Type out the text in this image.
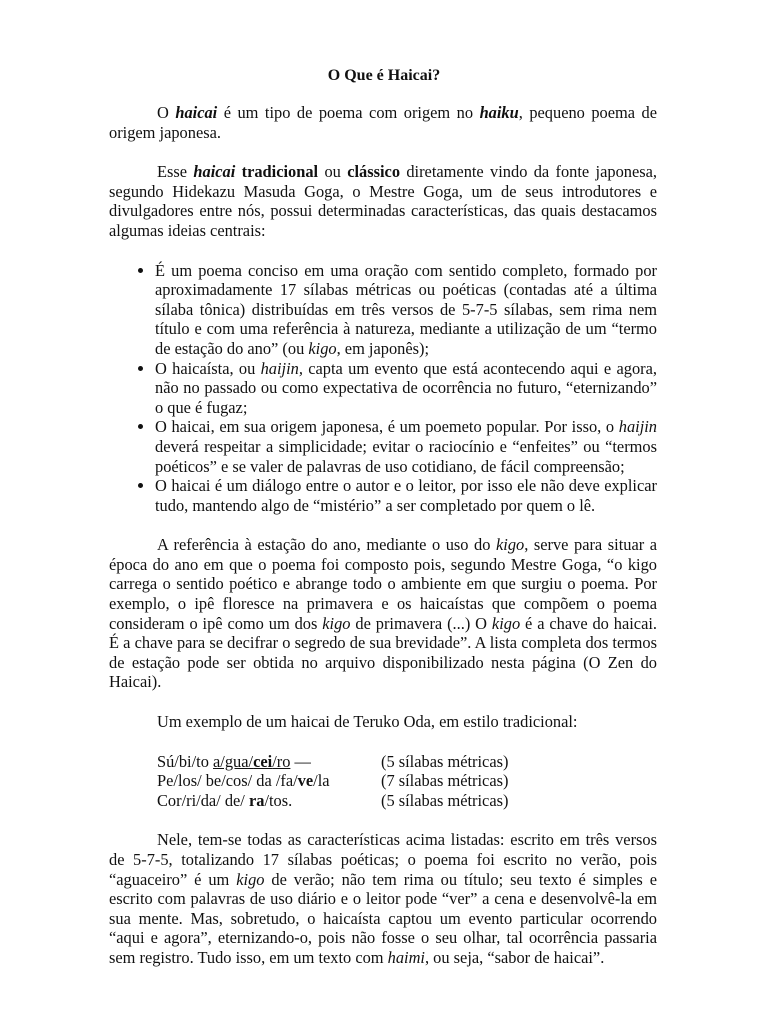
O Que é Haicai?

O haicai é um tipo de poema com origem no haiku, pequeno poema de origem japonesa.

Esse haicai tradicional ou clássico diretamente vindo da fonte japonesa, segundo Hidekazu Masuda Goga, o Mestre Goga, um de seus introdutores e divulgadores entre nós, possui determinadas características, das quais destacamos algumas ideias centrais:

• É um poema conciso em uma oração com sentido completo, formado por aproximadamente 17 sílabas métricas ou poéticas (contadas até a última sílaba tônica) distribuídas em três versos de 5-7-5 sílabas, sem rima nem título e com uma referência à natureza, mediante a utilização de um “termo de estação do ano” (ou kigo, em japonês);
• O haicaísta, ou haijin, capta um evento que está acontecendo aqui e agora, não no passado ou como expectativa de ocorrência no futuro, “eternizando” o que é fugaz;
• O haicai, em sua origem japonesa, é um poemeto popular. Por isso, o haijin deverá respeitar a simplicidade; evitar o raciocínio e “enfeites” ou “termos poéticos” e se valer de palavras de uso cotidiano, de fácil compreensão;
• O haicai é um diálogo entre o autor e o leitor, por isso ele não deve explicar tudo, mantendo algo de “mistério” a ser completado por quem o lê.

A referência à estação do ano, mediante o uso do kigo, serve para situar a época do ano em que o poema foi composto pois, segundo Mestre Goga, “o kigo carrega o sentido poético e abrange todo o ambiente em que surgiu o poema. Por exemplo, o ipê floresce na primavera e os haicaístas que compõem o poema consideram o ipê como um dos kigo de primavera (...) O kigo é a chave do haicai. É a chave para se decifrar o segredo de sua brevidade”. A lista completa dos termos de estação pode ser obtida no arquivo disponibilizado nesta página (O Zen do Haicai).

Um exemplo de um haicai de Teruko Oda, em estilo tradicional:

Sú/bi/to a/gua/cei/ro —	(5 sílabas métricas)
Pe/los/ be/cos/ da /fa/ve/la	(7 sílabas métricas)
Cor/ri/da/ de/ ra/tos.	(5 sílabas métricas)

Nele, tem-se todas as características acima listadas: escrito em três versos de 5-7-5, totalizando 17 sílabas poéticas; o poema foi escrito no verão, pois “aguaceiro” é um kigo de verão; não tem rima ou título; seu texto é simples e escrito com palavras de uso diário e o leitor pode “ver” a cena e desenvolvê-la em sua mente. Mas, sobretudo, o haicaísta captou um evento particular ocorrendo “aqui e agora”, eternizando-o, pois não fosse o seu olhar, tal ocorrência passaria sem registro. Tudo isso, em um texto com haimi, ou seja, “sabor de haicai”.
